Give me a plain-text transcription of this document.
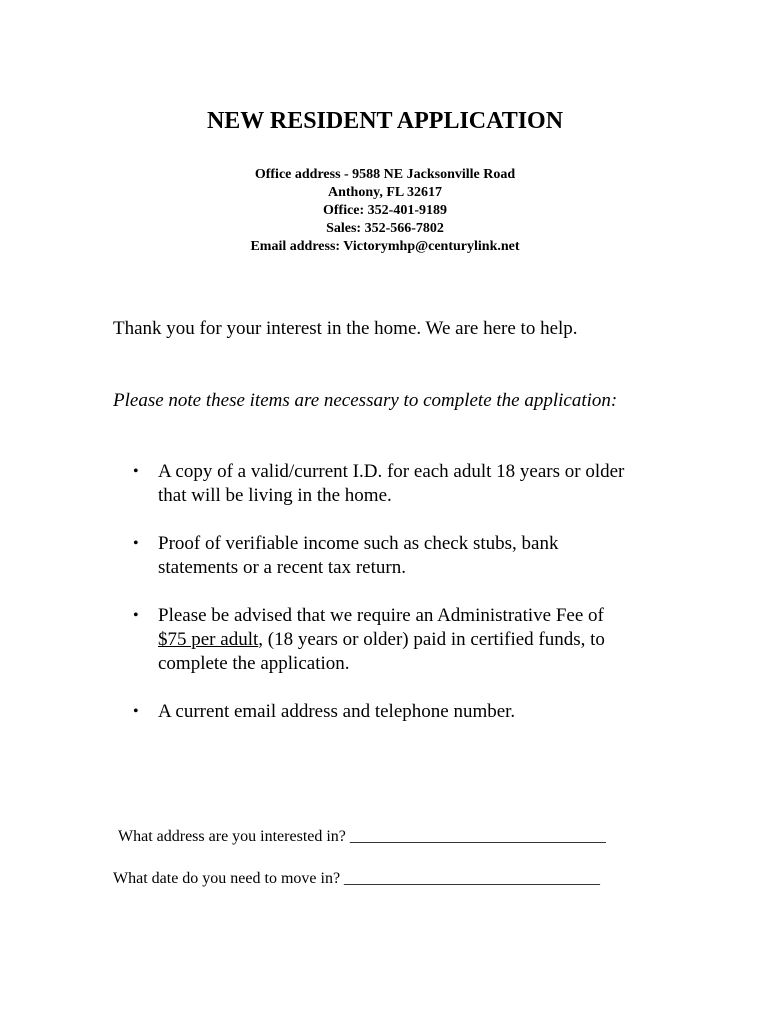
NEW RESIDENT APPLICATION
Office address - 9588 NE Jacksonville Road
Anthony, FL 32617
Office: 352-401-9189
Sales: 352-566-7802
Email address: Victorymhp@centurylink.net

Thank you for your interest in the home. We are here to help.

Please note these items are necessary to complete the application:

• A copy of a valid/current I.D. for each adult 18 years or older
that will be living in the home.
• Proof of verifiable income such as check stubs, bank
statements or a recent tax return.
• Please be advised that we require an Administrative Fee of
$75 per adult, (18 years or older) paid in certified funds, to
complete the application.
• A current email address and telephone number.
What address are you interested in? ________________________________
What date do you need to move in? ________________________________
